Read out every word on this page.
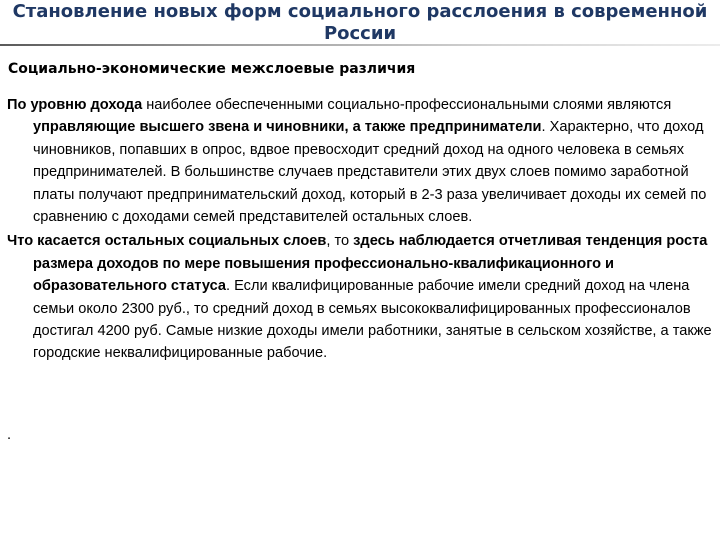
Становление новых форм социального расслоения в современной России
Социально-экономические межслоевые различия

По уровню дохода наиболее обеспеченными социально-профессиональными слоями являются управляющие высшего звена и чиновники, а также предприниматели. Характерно, что доход чиновников, попавших в опрос, вдвое превосходит средний доход на одного человека в семьях предпринимателей. В большинстве случаев представители этих двух слоев помимо заработной платы получают предпринимательский доход, который в 2-3 раза увеличивает доходы их семей по сравнению с доходами семей представителей остальных слоев.

Что касается остальных социальных слоев, то здесь наблюдается отчетливая тенденция роста размера доходов по мере повышения профессионально-квалификационного и образовательного статуса. Если квалифицированные рабочие имели средний доход на члена семьи около 2300 руб., то средний доход в семьях высококвалифицированных профессионалов достигал 4200 руб. Самые низкие доходы имели работники, занятые в сельском хозяйстве, а также городские неквалифицированные рабочие.

.
